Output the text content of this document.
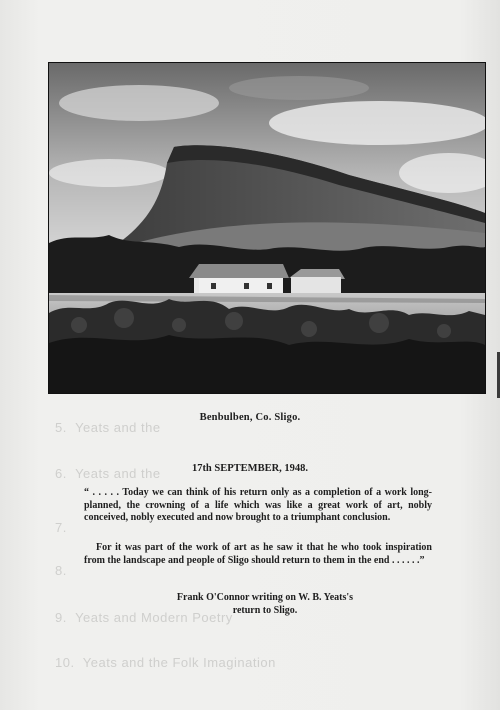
5.  Yeats and the
6.  Yeats and the
7.
8.
9.  Yeats and Modern Poetry
10.  Yeats and the Folk Imagination
Benbulben, Co. Sligo.
17th SEPTEMBER, 1948.

“ . . . . . Today we can think of his return only as a completion of a work long-planned, the crowning of a life which was like a great work of art, nobly conceived, nobly executed and now brought to a triumphant conclusion.

For it was part of the work of art as he saw it that he who took inspiration from the landscape and people of Sligo should return to them in the end . . . . . .”

Frank O'Connor writing on W. B. Yeats's
return to Sligo.
